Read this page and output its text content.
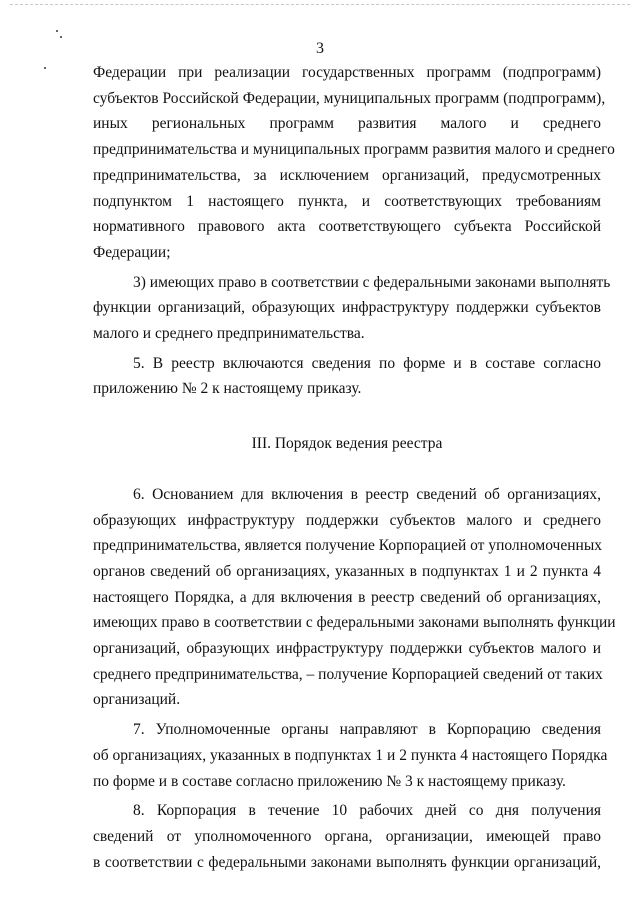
3
Федерации при реализации государственных программ (подпрограмм)
субъектов Российской Федерации, муниципальных программ (подпрограмм),
иных региональных программ развития малого и среднего
предпринимательства и муниципальных программ развития малого и среднего
предпринимательства, за исключением организаций, предусмотренных
подпунктом 1 настоящего пункта, и соответствующих требованиям
нормативного правового акта соответствующего субъекта Российской
Федерации;
3) имеющих право в соответствии с федеральными законами выполнять
функции организаций, образующих инфраструктуру поддержки субъектов
малого и среднего предпринимательства.
5. В реестр включаются сведения по форме и в составе согласно
приложению № 2 к настоящему приказу.
III. Порядок ведения реестра
6. Основанием для включения в реестр сведений об организациях,
образующих инфраструктуру поддержки субъектов малого и среднего
предпринимательства, является получение Корпорацией от уполномоченных
органов сведений об организациях, указанных в подпунктах 1 и 2 пункта 4
настоящего Порядка, а для включения в реестр сведений об организациях,
имеющих право в соответствии с федеральными законами выполнять функции
организаций, образующих инфраструктуру поддержки субъектов малого и
среднего предпринимательства, – получение Корпорацией сведений от таких
организаций.
7. Уполномоченные органы направляют в Корпорацию сведения
об организациях, указанных в подпунктах 1 и 2 пункта 4 настоящего Порядка
по форме и в составе согласно приложению № 3 к настоящему приказу.
8. Корпорация в течение 10 рабочих дней со дня получения
сведений от уполномоченного органа, организации, имеющей право
в соответствии с федеральными законами выполнять функции организаций,
